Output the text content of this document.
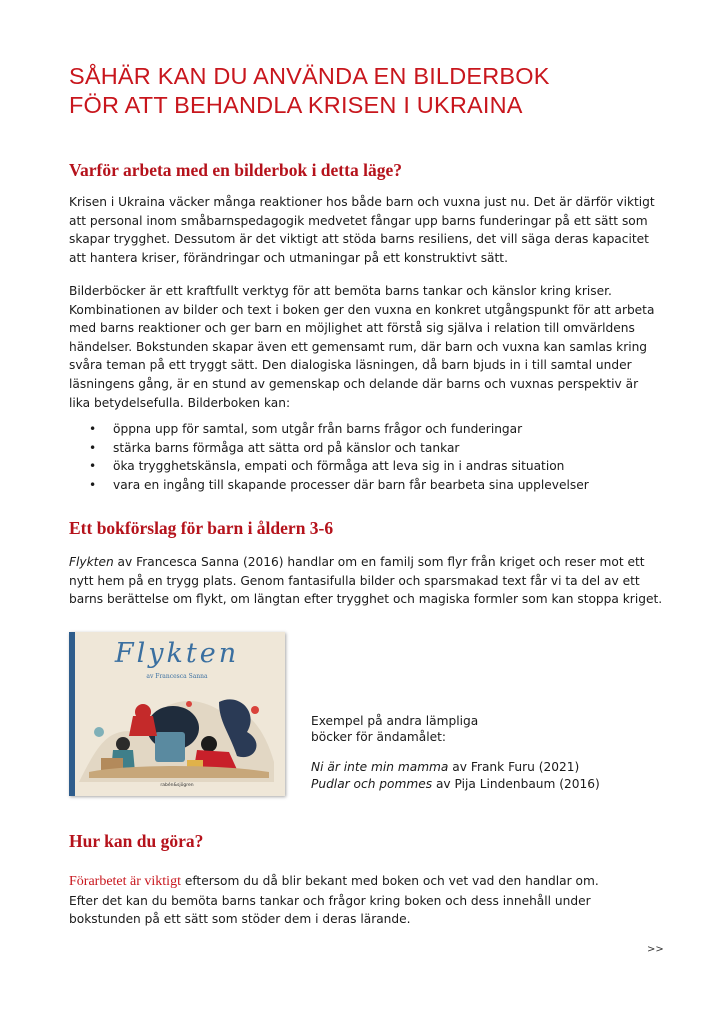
SÅHÄR KAN DU ANVÄNDA EN BILDERBOK
FÖR ATT BEHANDLA KRISEN I UKRAINA
Varför arbeta med en bilderbok i detta läge?

Krisen i Ukraina väcker många reaktioner hos både barn och vuxna just nu. Det är därför viktigt
att personal inom småbarnspedagogik medvetet fångar upp barns funderingar på ett sätt som
skapar trygghet. Dessutom är det viktigt att stöda barns resiliens, det vill säga deras kapacitet
att hantera kriser, förändringar och utmaningar på ett konstruktivt sätt.

Bilderböcker är ett kraftfullt verktyg för att bemöta barns tankar och känslor kring kriser.
Kombinationen av bilder och text i boken ger den vuxna en konkret utgångspunkt för att arbeta
med barns reaktioner och ger barn en möjlighet att förstå sig själva i relation till omvärldens
händelser. Bokstunden skapar även ett gemensamt rum, där barn och vuxna kan samlas kring
svåra teman på ett tryggt sätt. Den dialogiska läsningen, då barn bjuds in i till samtal under
läsningens gång, är en stund av gemenskap och delande där barns och vuxnas perspektiv är
lika betydelsefulla. Bilderboken kan:

• öppna upp för samtal, som utgår från barns frågor och funderingar
• stärka barns förmåga att sätta ord på känslor och tankar
• öka trygghetskänsla, empati och förmåga att leva sig in i andras situation
• vara en ingång till skapande processer där barn får bearbeta sina upplevelser
Ett bokförslag för barn i åldern 3-6

Flykten av Francesca Sanna (2016) handlar om en familj som flyr från kriget och reser mot ett
nytt hem på en trygg plats. Genom fantasifulla bilder och sparsmakad text får vi ta del av ett
barns berättelse om flykt, om längtan efter trygghet och magiska formler som kan stoppa kriget.

Flykten
av Francesca Sanna
rabén&sjögren
Exempel på andra lämpliga
böcker för ändamålet:
Ni är inte min mamma av Frank Furu (2021)
Pudlar och pommes av Pija Lindenbaum (2016)
Hur kan du göra?

Förarbetet är viktigt eftersom du då blir bekant med boken och vet vad den handlar om.
Efter det kan du bemöta barns tankar och frågor kring boken och dess innehåll under
bokstunden på ett sätt som stöder dem i deras lärande.

>>
